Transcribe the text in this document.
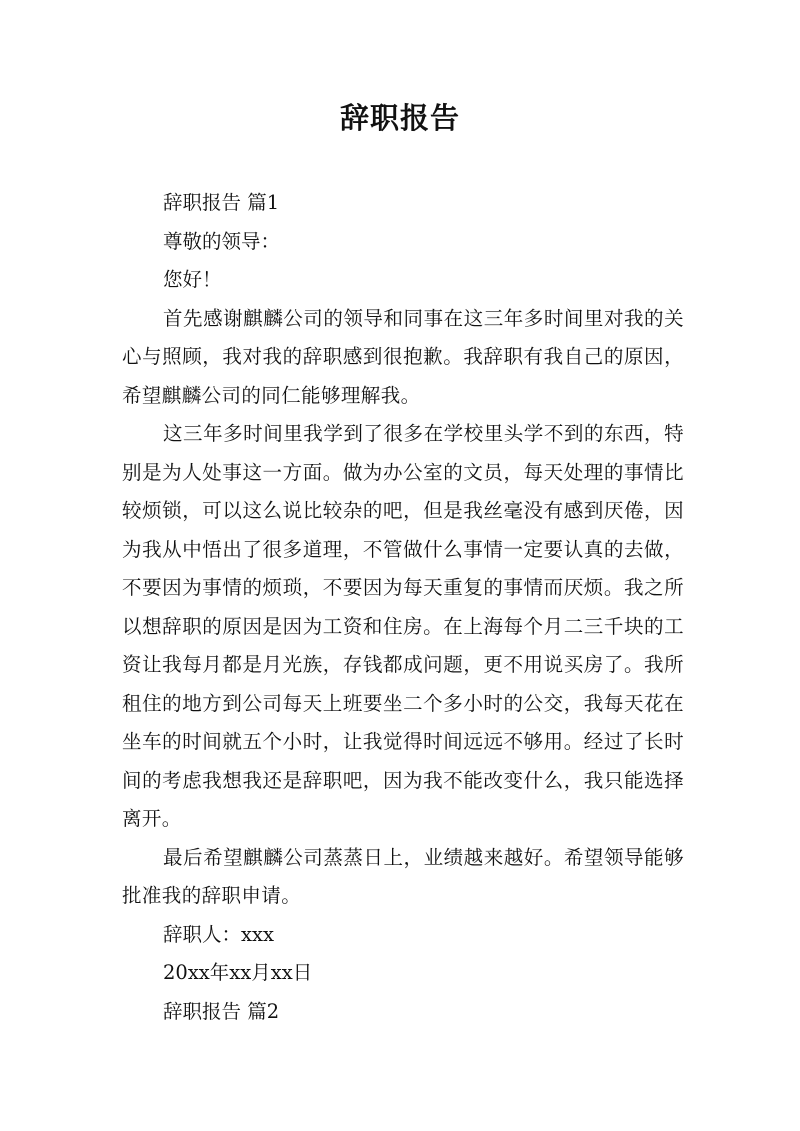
辞职报告

辞职报告 篇1

尊敬的领导：

您好！

首先感谢麒麟公司的领导和同事在这三年多时间里对我的关心与照顾，我对我的辞职感到很抱歉。我辞职有我自己的原因，希望麒麟公司的同仁能够理解我。

这三年多时间里我学到了很多在学校里头学不到的东西，特别是为人处事这一方面。做为办公室的文员，每天处理的事情比较烦锁，可以这么说比较杂的吧，但是我丝毫没有感到厌倦，因为我从中悟出了很多道理，不管做什么事情一定要认真的去做，不要因为事情的烦琐，不要因为每天重复的事情而厌烦。我之所以想辞职的原因是因为工资和住房。在上海每个月二三千块的工资让我每月都是月光族，存钱都成问题，更不用说买房了。我所租住的地方到公司每天上班要坐二个多小时的公交，我每天花在坐车的时间就五个小时，让我觉得时间远远不够用。经过了长时间的考虑我想我还是辞职吧，因为我不能改变什么，我只能选择离开。

最后希望麒麟公司蒸蒸日上，业绩越来越好。希望领导能够批准我的辞职申请。

辞职人：xxx

20xx年xx月xx日

辞职报告 篇2
